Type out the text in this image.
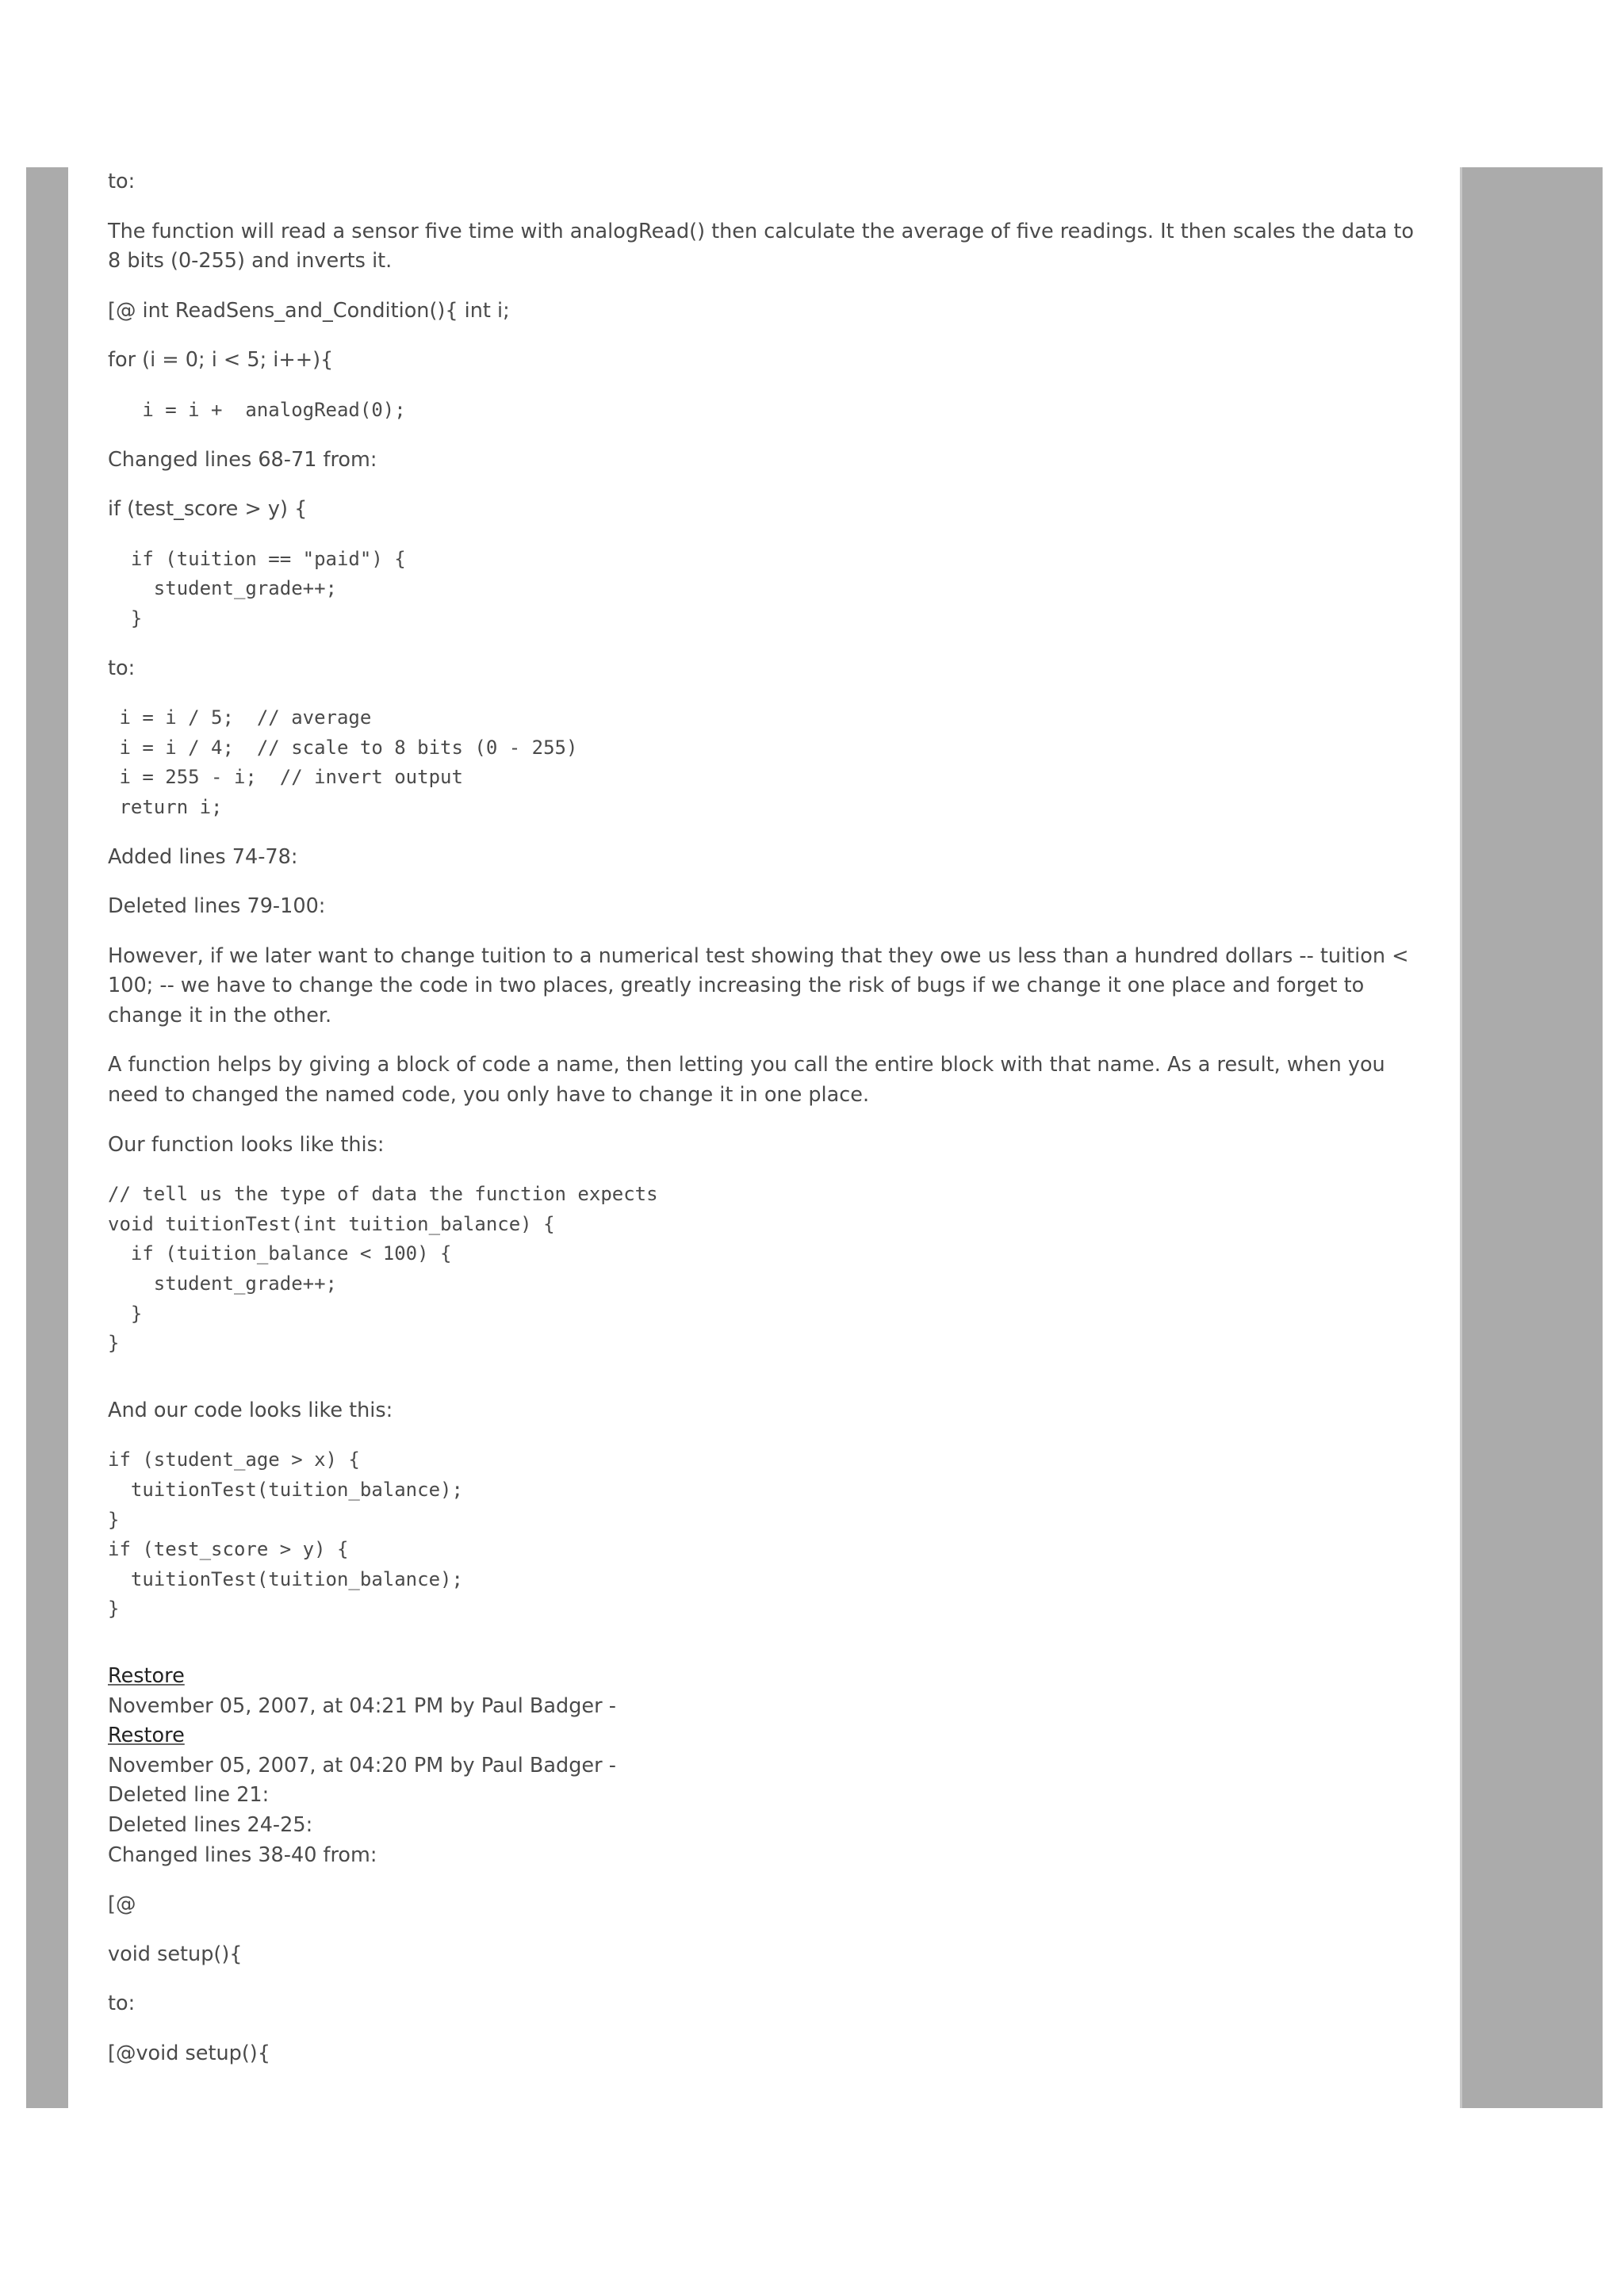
to:

The function will read a sensor five time with analogRead() then calculate the average of five readings. It then scales the data to 8 bits (0-255) and inverts it.

[@ int ReadSens_and_Condition(){ int i;

for (i = 0; i < 5; i++){

i = i +  analogRead(0);

Changed lines 68-71 from:

if (test_score > y) {

if (tuition == "paid") {
student_grade++;
}

to:

i = i / 5;  // average
i = i / 4;  // scale to 8 bits (0 - 255)
i = 255 - i;  // invert output
return i;

Added lines 74-78:

Deleted lines 79-100:

However, if we later want to change tuition to a numerical test showing that they owe us less than a hundred dollars -- tuition < 100; -- we have to change the code in two places, greatly increasing the risk of bugs if we change it one place and forget to change it in the other.

A function helps by giving a block of code a name, then letting you call the entire block with that name. As a result, when you need to changed the named code, you only have to change it in one place.

Our function looks like this:

// tell us the type of data the function expects
void tuitionTest(int tuition_balance) {
if (tuition_balance < 100) {
student_grade++;
}
}

And our code looks like this:

if (student_age > x) {
tuitionTest(tuition_balance);
}
if (test_score > y) {
tuitionTest(tuition_balance);
}
Restore
November 05, 2007, at 04:21 PM by Paul Badger -
Restore
November 05, 2007, at 04:20 PM by Paul Badger -
Deleted line 21:
Deleted lines 24-25:
Changed lines 38-40 from:

[@

void setup(){

to:

[@void setup(){
